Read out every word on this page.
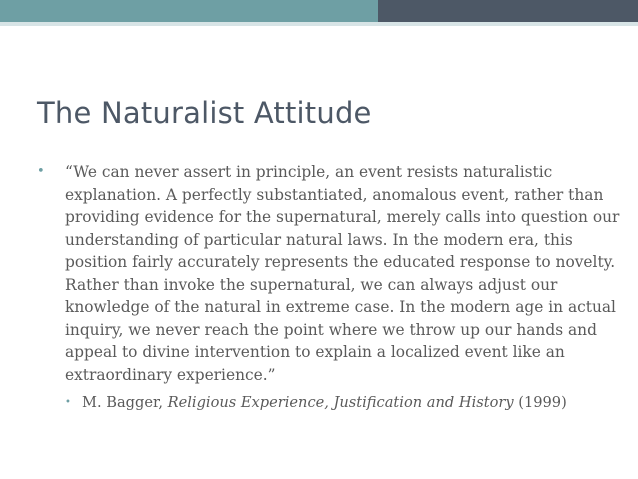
The Naturalist Attitude
• “We can never assert in principle, an event resists naturalistic explanation. A perfectly substantiated, anomalous event, rather than providing evidence for the supernatural, merely calls into question our understanding of particular natural laws. In the modern era, this position fairly accurately represents the educated response to novelty. Rather than invoke the supernatural, we can always adjust our knowledge of the natural in extreme case. In the modern age in actual inquiry, we never reach the point where we throw up our hands and appeal to divine intervention to explain a localized event like an extraordinary experience.”
• M. Bagger, Religious Experience, Justification and History (1999)
